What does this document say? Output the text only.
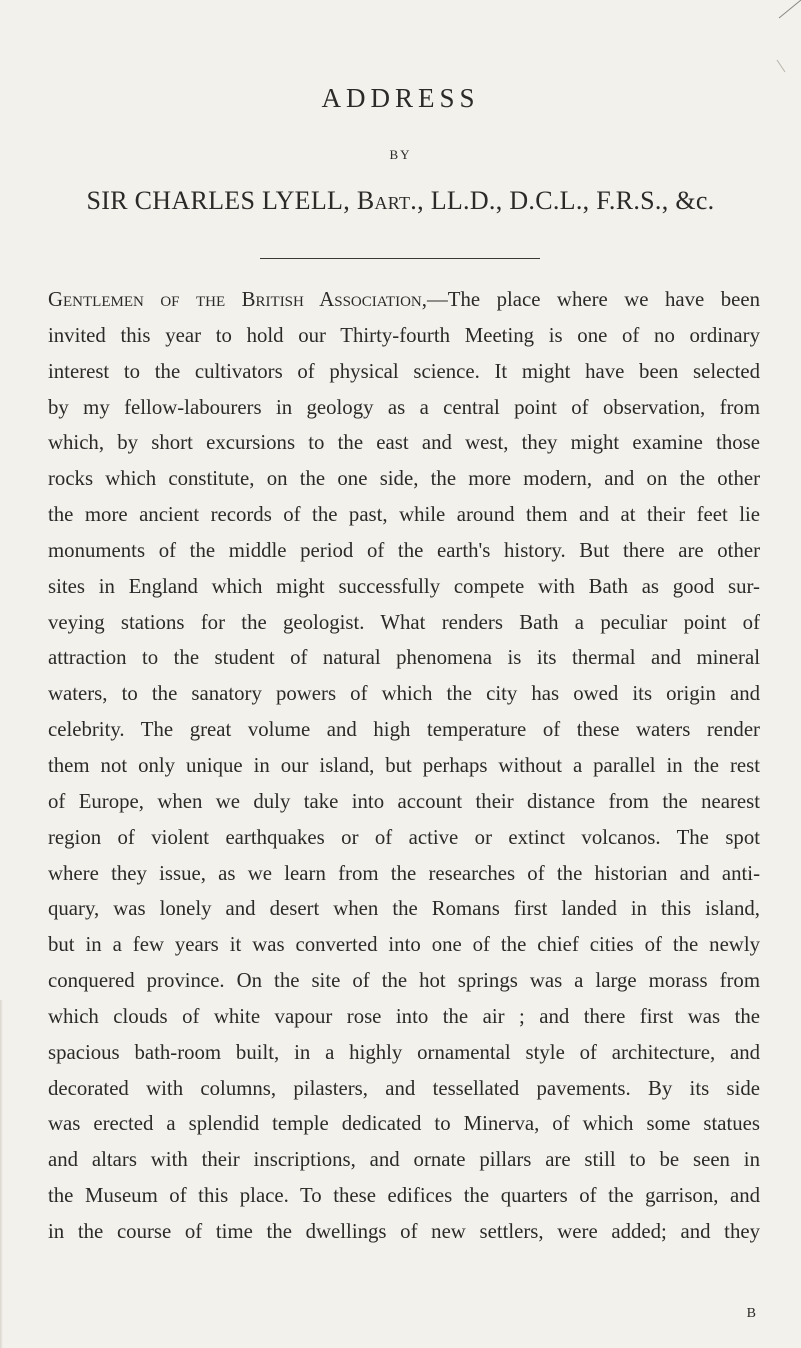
ADDRESS
BY
SIR CHARLES LYELL, Bart., LL.D., D.C.L., F.R.S., &c.
Gentlemen of the British Association,—The place where we have been
invited this year to hold our Thirty-fourth Meeting is one of no ordinary
interest to the cultivators of physical science. It might have been selected
by my fellow-labourers in geology as a central point of observation, from
which, by short excursions to the east and west, they might examine those
rocks which constitute, on the one side, the more modern, and on the other
the more ancient records of the past, while around them and at their feet lie
monuments of the middle period of the earth's history. But there are other
sites in England which might successfully compete with Bath as good sur-
veying stations for the geologist. What renders Bath a peculiar point of
attraction to the student of natural phenomena is its thermal and mineral
waters, to the sanatory powers of which the city has owed its origin and
celebrity. The great volume and high temperature of these waters render
them not only unique in our island, but perhaps without a parallel in the rest
of Europe, when we duly take into account their distance from the nearest
region of violent earthquakes or of active or extinct volcanos. The spot
where they issue, as we learn from the researches of the historian and anti-
quary, was lonely and desert when the Romans first landed in this island,
but in a few years it was converted into one of the chief cities of the newly
conquered province. On the site of the hot springs was a large morass from
which clouds of white vapour rose into the air ; and there first was the
spacious bath-room built, in a highly ornamental style of architecture, and
decorated with columns, pilasters, and tessellated pavements. By its side
was erected a splendid temple dedicated to Minerva, of which some statues
and altars with their inscriptions, and ornate pillars are still to be seen in
the Museum of this place. To these edifices the quarters of the garrison, and
in the course of time the dwellings of new settlers, were added; and they
B
